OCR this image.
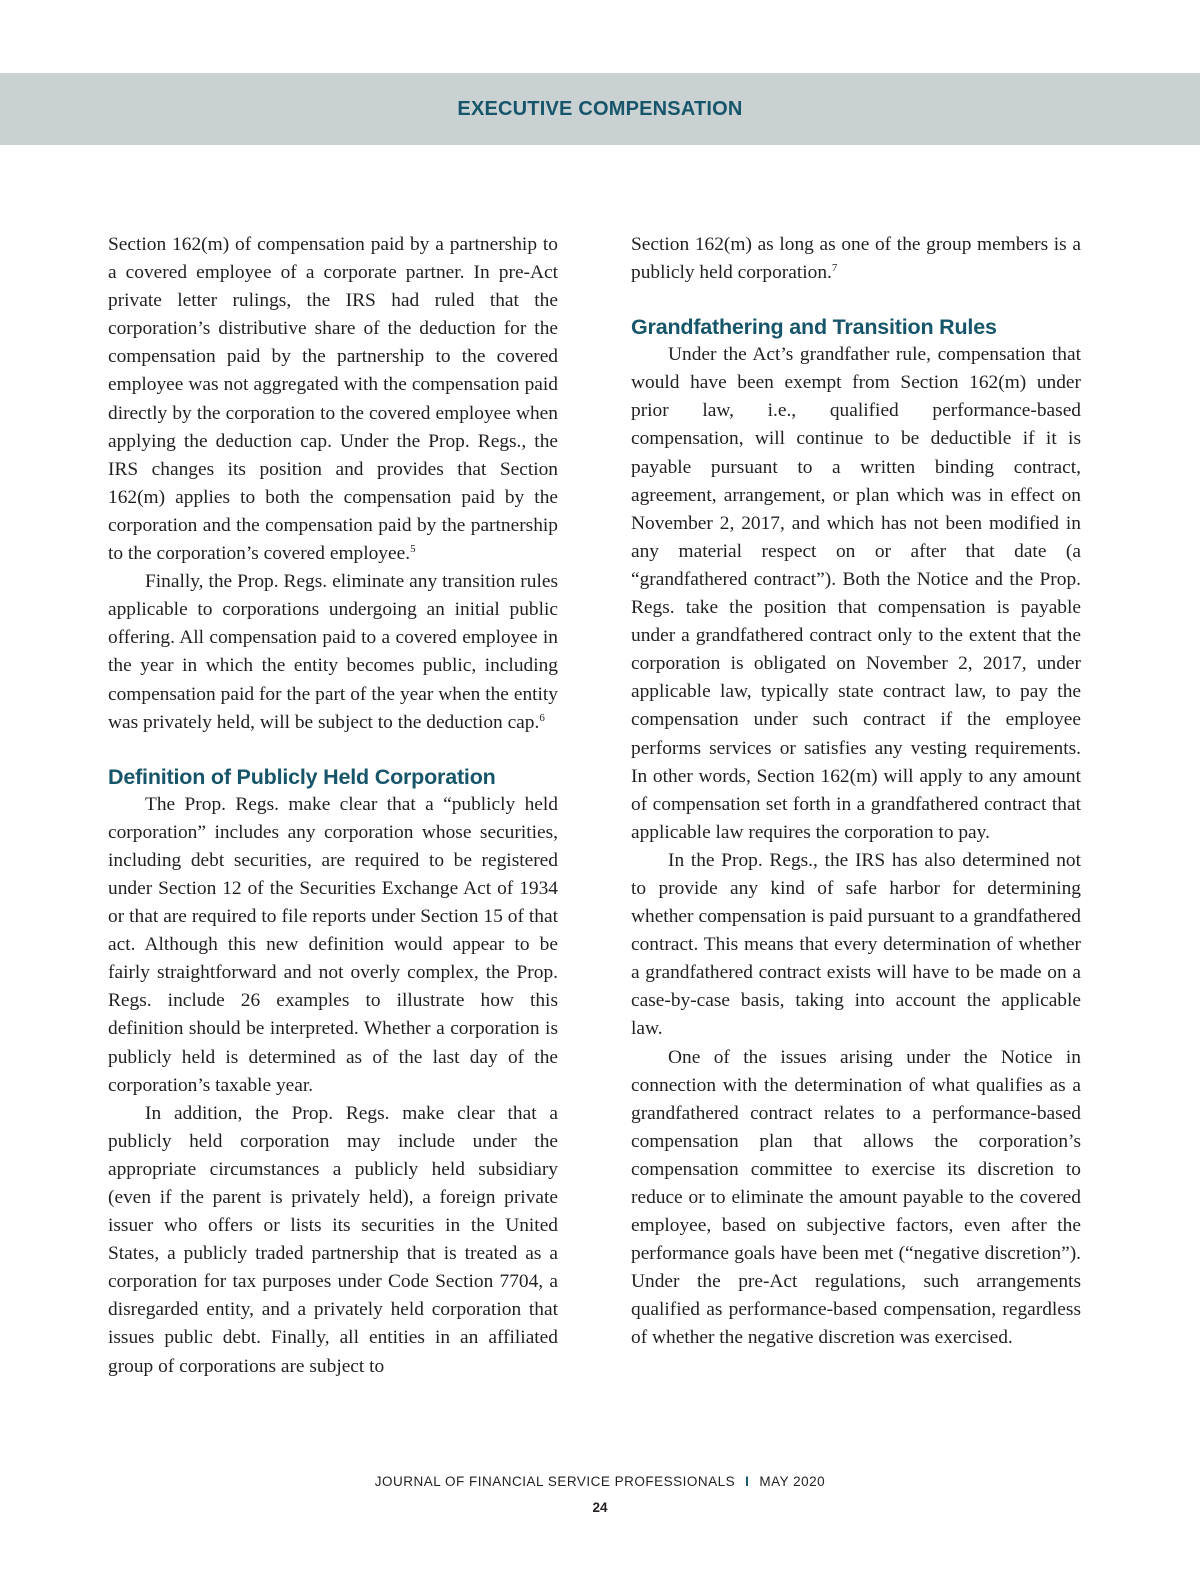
EXECUTIVE COMPENSATION

Section 162(m) of compensation paid by a partnership to a covered employee of a corporate partner. In pre-Act private letter rulings, the IRS had ruled that the corporation’s distributive share of the deduction for the compensation paid by the partnership to the covered employee was not aggregated with the compensation paid directly by the corporation to the covered employee when applying the deduction cap. Under the Prop. Regs., the IRS changes its position and provides that Section 162(m) applies to both the compensation paid by the corporation and the compensation paid by the partnership to the corporation’s covered employee.$^5$

Finally, the Prop. Regs. eliminate any transition rules applicable to corporations undergoing an initial public offering. All compensation paid to a covered employee in the year in which the entity becomes public, including compensation paid for the part of the year when the entity was privately held, will be subject to the deduction cap.$^6$

Definition of Publicly Held Corporation

The Prop. Regs. make clear that a “publicly held corporation” includes any corporation whose securities, including debt securities, are required to be registered under Section 12 of the Securities Exchange Act of 1934 or that are required to file reports under Section 15 of that act. Although this new definition would appear to be fairly straightforward and not overly complex, the Prop. Regs. include 26 examples to illustrate how this definition should be interpreted. Whether a corporation is publicly held is determined as of the last day of the corporation’s taxable year.

In addition, the Prop. Regs. make clear that a publicly held corporation may include under the appropriate circumstances a publicly held subsidiary (even if the parent is privately held), a foreign private issuer who offers or lists its securities in the United States, a publicly traded partnership that is treated as a corporation for tax purposes under Code Section 7704, a disregarded entity, and a privately held corporation that issues public debt. Finally, all entities in an affiliated group of corporations are subject to

Section 162(m) as long as one of the group members is a publicly held corporation.$^7$

Grandfathering and Transition Rules

Under the Act’s grandfather rule, compensation that would have been exempt from Section 162(m) under prior law, i.e., qualified performance-based compensation, will continue to be deductible if it is payable pursuant to a written binding contract, agreement, arrangement, or plan which was in effect on November 2, 2017, and which has not been modified in any material respect on or after that date (a “grandfathered contract”). Both the Notice and the Prop. Regs. take the position that compensation is payable under a grandfathered contract only to the extent that the corporation is obligated on November 2, 2017, under applicable law, typically state contract law, to pay the compensation under such contract if the employee performs services or satisfies any vesting requirements. In other words, Section 162(m) will apply to any amount of compensation set forth in a grandfathered contract that applicable law requires the corporation to pay.

In the Prop. Regs., the IRS has also determined not to provide any kind of safe harbor for determining whether compensation is paid pursuant to a grandfathered contract. This means that every determination of whether a grandfathered contract exists will have to be made on a case-by-case basis, taking into account the applicable law.

One of the issues arising under the Notice in connection with the determination of what qualifies as a grandfathered contract relates to a performance-based compensation plan that allows the corporation’s compensation committee to exercise its discretion to reduce or to eliminate the amount payable to the covered employee, based on subjective factors, even after the performance goals have been met (“negative discretion”). Under the pre-Act regulations, such arrangements qualified as performance-based compensation, regardless of whether the negative discretion was exercised.

JOURNAL OF FINANCIAL SERVICE PROFESSIONALS I MAY 2020
24
